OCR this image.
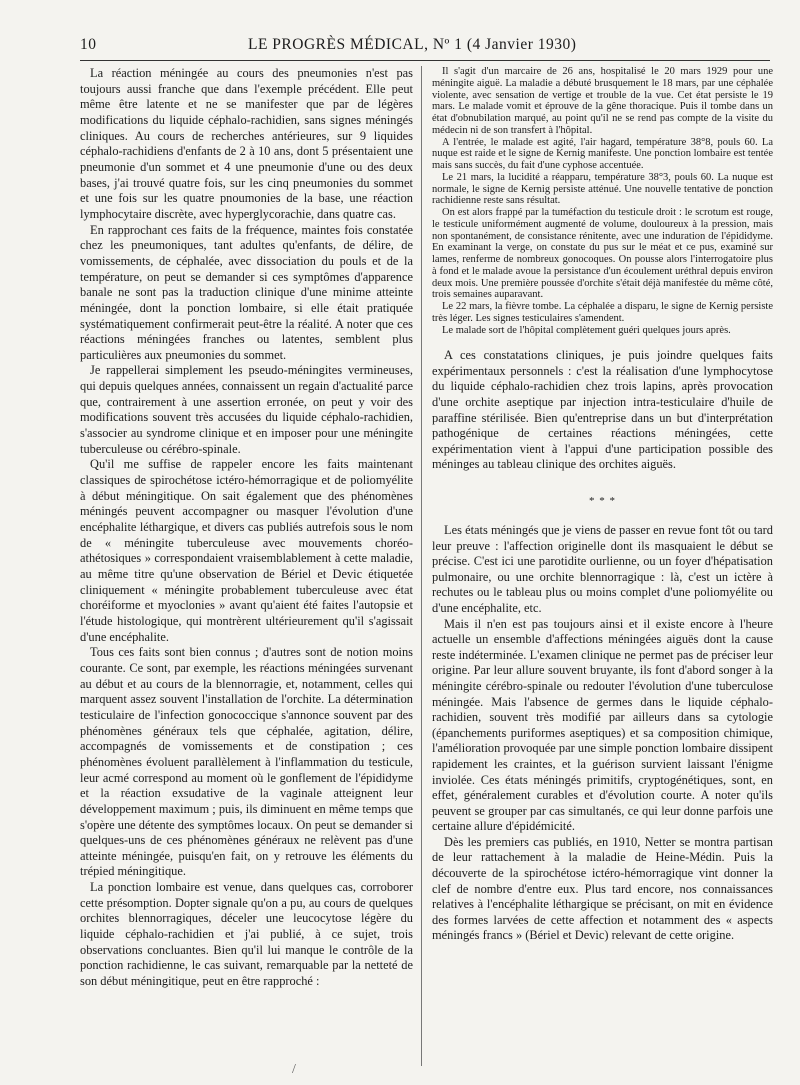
10	LE PROGRÈS MÉDICAL, Nº 1 (4 Janvier 1930)

La réaction méningée au cours des pneumonies n'est pas toujours aussi franche que dans l'exemple précédent. Elle peut même être latente et ne se manifester que par de légères modifications du liquide céphalo-rachidien, sans signes méningés cliniques. Au cours de recherches antérieures, sur 9 liquides céphalo-rachidiens d'enfants de 2 à 10 ans, dont 5 présentaient une pneumonie d'un sommet et 4 une pneumonie d'une ou des deux bases, j'ai trouvé quatre fois, sur les cinq pneumonies du sommet et une fois sur les quatre pnoumonies de la base, une réaction lymphocytaire discrète, avec hyperglycorachie, dans quatre cas.

En rapprochant ces faits de la fréquence, maintes fois constatée chez les pneumoniques, tant adultes qu'enfants, de délire, de vomissements, de céphalée, avec dissociation du pouls et de la température, on peut se demander si ces symptômes d'apparence banale ne sont pas la traduction clinique d'une minime atteinte méningée, dont la ponction lombaire, si elle était pratiquée systématiquement confirmerait peut-être la réalité. A noter que ces réactions méningées franches ou latentes, semblent plus particulières aux pneumonies du sommet.

Je rappellerai simplement les pseudo-méningites vermineuses, qui depuis quelques années, connaissent un regain d'actualité parce que, contrairement à une assertion erronée, on peut y voir des modifications souvent très accusées du liquide céphalo-rachidien, s'associer au syndrome clinique et en imposer pour une méningite tuberculeuse ou cérébro-spinale.

Qu'il me suffise de rappeler encore les faits maintenant classiques de spirochétose ictéro-hémorragique et de poliomyélite à début méningitique. On sait également que des phénomènes méningés peuvent accompagner ou masquer l'évolution d'une encéphalite léthargique, et divers cas publiés autrefois sous le nom de « méningite tuberculeuse avec mouvements choréo-athétosiques » correspondaient vraisemblablement à cette maladie, au même titre qu'une observation de Bériel et Devic étiquetée cliniquement « méningite probablement tuberculeuse avec état choréiforme et myoclonies » avant qu'aient été faites l'autopsie et l'étude histologique, qui montrèrent ultérieurement qu'il s'agissait d'une encéphalite.

Tous ces faits sont bien connus ; d'autres sont de notion moins courante. Ce sont, par exemple, les réactions méningées survenant au début et au cours de la blennorragie, et, notamment, celles qui marquent assez souvent l'installation de l'orchite. La détermination testiculaire de l'infection gonococcique s'annonce souvent par des phénomènes généraux tels que céphalée, agitation, délire, accompagnés de vomissements et de constipation ; ces phénomènes évoluent parallèlement à l'inflammation du testicule, leur acmé correspond au moment où le gonflement de l'épididyme et la réaction exsudative de la vaginale atteignent leur développement maximum ; puis, ils diminuent en même temps que s'opère une détente des symptômes locaux. On peut se demander si quelques-uns de ces phénomènes généraux ne relèvent pas d'une atteinte méningée, puisqu'en fait, on y retrouve les éléments du trépied méningitique.

La ponction lombaire est venue, dans quelques cas, corroborer cette présomption. Dopter signale qu'on a pu, au cours de quelques orchites blennorragiques, déceler une leucocytose légère du liquide céphalo-rachidien et j'ai publié, à ce sujet, trois observations concluantes. Bien qu'il lui manque le contrôle de la ponction rachidienne, le cas suivant, remarquable par la netteté de son début méningitique, peut en être rapproché :

Il s'agit d'un marcaire de 26 ans, hospitalisé le 20 mars 1929 pour une méningite aiguë. La maladie a débuté brusquement le 18 mars, par une céphalée violente, avec sensation de vertige et trouble de la vue. Cet état persiste le 19 mars. Le malade vomit et éprouve de la gêne thoracique. Puis il tombe dans un état d'obnubilation marqué, au point qu'il ne se rend pas compte de la visite du médecin ni de son transfert à l'hôpital.

A l'entrée, le malade est agité, l'air hagard, température 38°8, pouls 60. La nuque est raide et le signe de Kernig manifeste. Une ponction lombaire est tentée mais sans succès, du fait d'une cyphose accentuée.

Le 21 mars, la lucidité a réapparu, température 38°3, pouls 60. La nuque est normale, le signe de Kernig persiste atténué. Une nouvelle tentative de ponction rachidienne reste sans résultat.

On est alors frappé par la tuméfaction du testicule droit : le scrotum est rouge, le testicule uniformément augmenté de volume, douloureux à la pression, mais non spontanément, de consistance rénitente, avec une induration de l'épididyme. En examinant la verge, on constate du pus sur le méat et ce pus, examiné sur lames, renferme de nombreux gonocoques. On pousse alors l'interrogatoire plus à fond et le malade avoue la persistance d'un écoulement uréthral depuis environ deux mois. Une première poussée d'orchite s'était déjà manifestée du même côté, trois semaines auparavant.

Le 22 mars, la fièvre tombe. La céphalée a disparu, le signe de Kernig persiste très léger. Les signes testiculaires s'amendent.

Le malade sort de l'hôpital complètement guéri quelques jours après.

A ces constatations cliniques, je puis joindre quelques faits expérimentaux personnels : c'est la réalisation d'une lymphocytose du liquide céphalo-rachidien chez trois lapins, après provocation d'une orchite aseptique par injection intra-testiculaire d'huile de paraffine stérilisée. Bien qu'entreprise dans un but d'interprétation pathogénique de certaines réactions méningées, cette expérimentation vient à l'appui d'une participation possible des méninges au tableau clinique des orchites aiguës.

* * *

Les états méningés que je viens de passer en revue font tôt ou tard leur preuve : l'affection originelle dont ils masquaient le début se précise. C'est ici une parotidite ourlienne, ou un foyer d'hépatisation pulmonaire, ou une orchite blennorragique : là, c'est un ictère à rechutes ou le tableau plus ou moins complet d'une poliomyélite ou d'une encéphalite, etc.

Mais il n'en est pas toujours ainsi et il existe encore à l'heure actuelle un ensemble d'affections méningées aiguës dont la cause reste indéterminée. L'examen clinique ne permet pas de préciser leur origine. Par leur allure souvent bruyante, ils font d'abord songer à la méningite cérébro-spinale ou redouter l'évolution d'une tuberculose méningée. Mais l'absence de germes dans le liquide céphalo-rachidien, souvent très modifié par ailleurs dans sa cytologie (épanchements puriformes aseptiques) et sa composition chimique, l'amélioration provoquée par une simple ponction lombaire dissipent rapidement les craintes, et la guérison survient laissant l'énigme inviolée. Ces états méningés primitifs, cryptogénétiques, sont, en effet, généralement curables et d'évolution courte. A noter qu'ils peuvent se grouper par cas simultanés, ce qui leur donne parfois une certaine allure d'épidémicité.

Dès les premiers cas publiés, en 1910, Netter se montra partisan de leur rattachement à la maladie de Heine-Médin. Puis la découverte de la spirochétose ictéro-hémorragique vint donner la clef de nombre d'entre eux. Plus tard encore, nos connaissances relatives à l'encéphalite léthargique se précisant, on mit en évidence des formes larvées de cette affection et notamment des « aspects méningés francs » (Bériel et Devic) relevant de cette origine.

/
